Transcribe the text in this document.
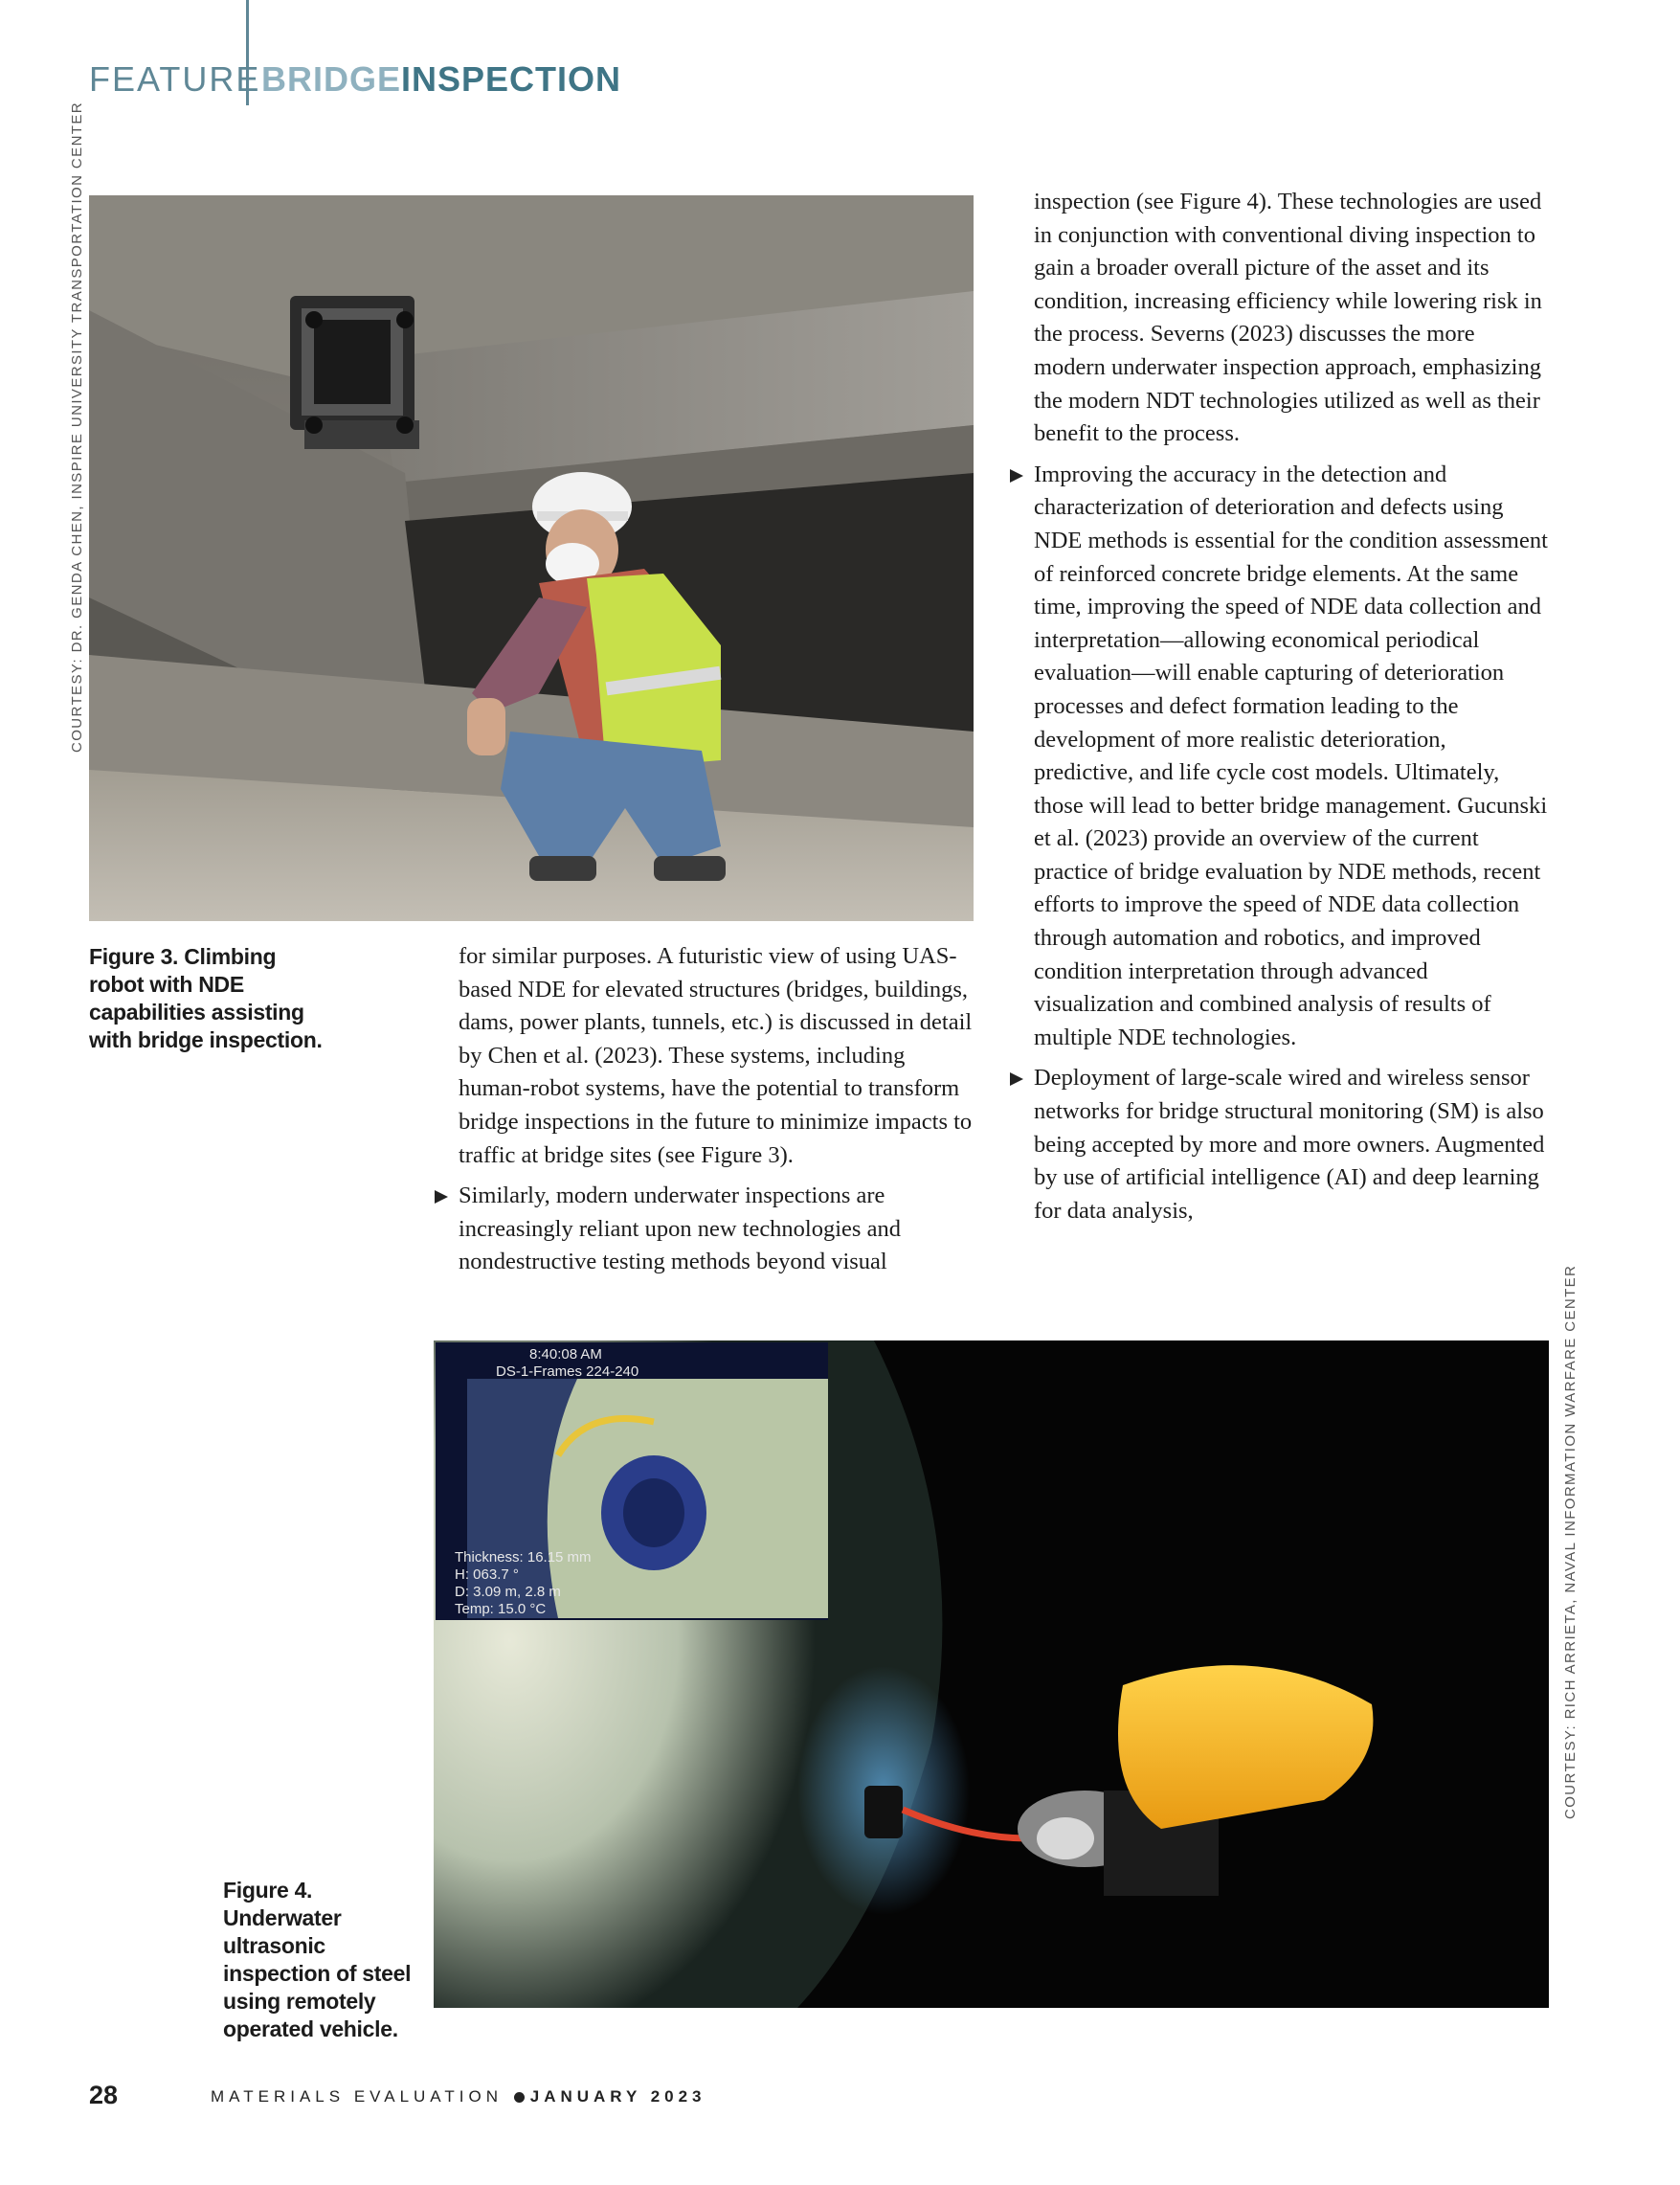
FEATURE BRIDGEINSPECTION
COURTESY: DR. GENDA CHEN, INSPIRE UNIVERSITY TRANSPORTATION CENTER
Figure 3. Climbing robot with NDE capabilities assisting with bridge inspection.

for similar purposes. A futuristic view of using UAS-based NDE for elevated structures (bridges, buildings, dams, power plants, tunnels, etc.) is discussed in detail by Chen et al. (2023). These systems, including human-robot systems, have the potential to transform bridge inspections in the future to minimize impacts to traffic at bridge sites (see Figure 3).

Similarly, modern underwater inspections are increasingly reliant upon new technologies and nondestructive testing methods beyond visual

inspection (see Figure 4). These technologies are used in conjunction with conventional diving inspection to gain a broader overall picture of the asset and its condition, increasing efficiency while lowering risk in the process. Severns (2023) discusses the more modern underwater inspection approach, emphasizing the modern NDT technologies utilized as well as their benefit to the process.

Improving the accuracy in the detection and characterization of deterioration and defects using NDE methods is essential for the condition assessment of reinforced concrete bridge elements. At the same time, improving the speed of NDE data collection and interpretation—allowing economical periodical evaluation—will enable capturing of deterioration processes and defect formation leading to the development of more realistic deterioration, predictive, and life cycle cost models. Ultimately, those will lead to better bridge management. Gucunski et al. (2023) provide an overview of the current practice of bridge evaluation by NDE methods, recent efforts to improve the speed of NDE data collection through automation and robotics, and improved condition interpretation through advanced visualization and combined analysis of results of multiple NDE technologies.

Deployment of large-scale wired and wireless sensor networks for bridge structural monitoring (SM) is also being accepted by more and more owners. Augmented by use of artificial intelligence (AI) and deep learning for data analysis,

8:40:08 AM
DS-1-Frames 224-240
Thickness: 16.15 mm
H: 063.7 °
D: 3.09 m, 2.8 m
Temp: 15.0 °C	COURTESY: RICH ARRIETA, NAVAL INFORMATION WARFARE CENTER
Figure 4. Underwater ultrasonic inspection of steel using remotely operated vehicle.
28	MATERIALS EVALUATION JANUARY 2023
